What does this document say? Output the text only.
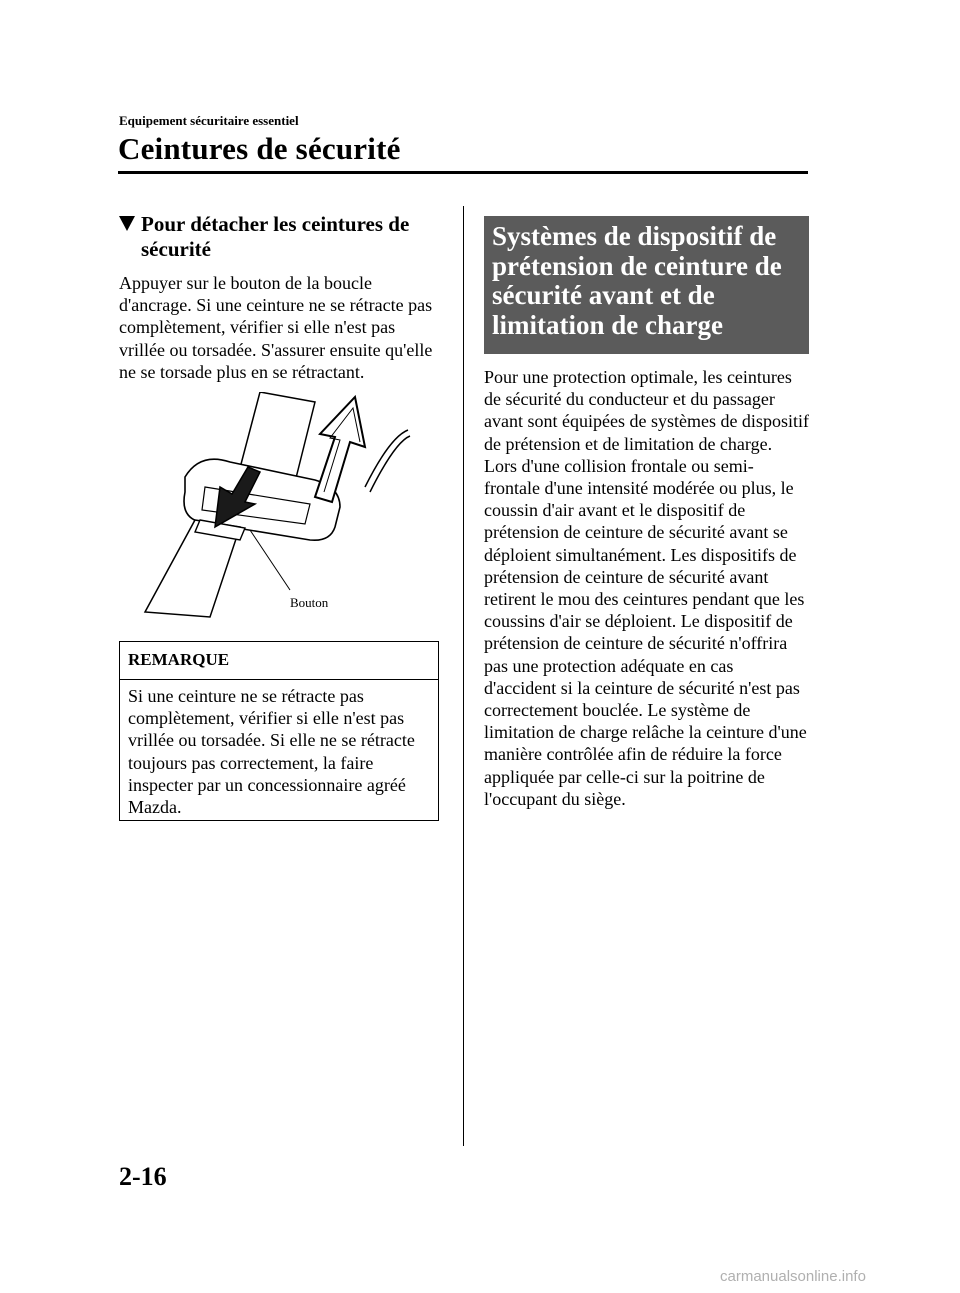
Equipement sécuritaire essentiel
Ceintures de sécurité
Pour détacher les ceintures de sécurité
Appuyer sur le bouton de la boucle d'ancrage. Si une ceinture ne se rétracte pas complètement, vérifier si elle n'est pas vrillée ou torsadée. S'assurer ensuite qu'elle ne se torsade plus en se rétractant.
Bouton
REMARQUE
Si une ceinture ne se rétracte pas complètement, vérifier si elle n'est pas vrillée ou torsadée. Si elle ne se rétracte toujours pas correctement, la faire inspecter par un concessionnaire agréé Mazda.
Systèmes de dispositif de prétension de ceinture de sécurité avant et de limitation de charge
Pour une protection optimale, les ceintures de sécurité du conducteur et du passager avant sont équipées de systèmes de dispositif de prétension et de limitation de charge. Lors d'une collision frontale ou semi-frontale d'une intensité modérée ou plus, le coussin d'air avant et le dispositif de prétension de ceinture de sécurité avant se déploient simultanément. Les dispositifs de prétension de ceinture de sécurité avant retirent le mou des ceintures pendant que les coussins d'air se déploient. Le dispositif de prétension de ceinture de sécurité n'offrira pas une protection adéquate en cas d'accident si la ceinture de sécurité n'est pas correctement bouclée. Le système de limitation de charge relâche la ceinture d'une manière contrôlée afin de réduire la force appliquée par celle-ci sur la poitrine de l'occupant du siège.
2-16
carmanualsonline.info
